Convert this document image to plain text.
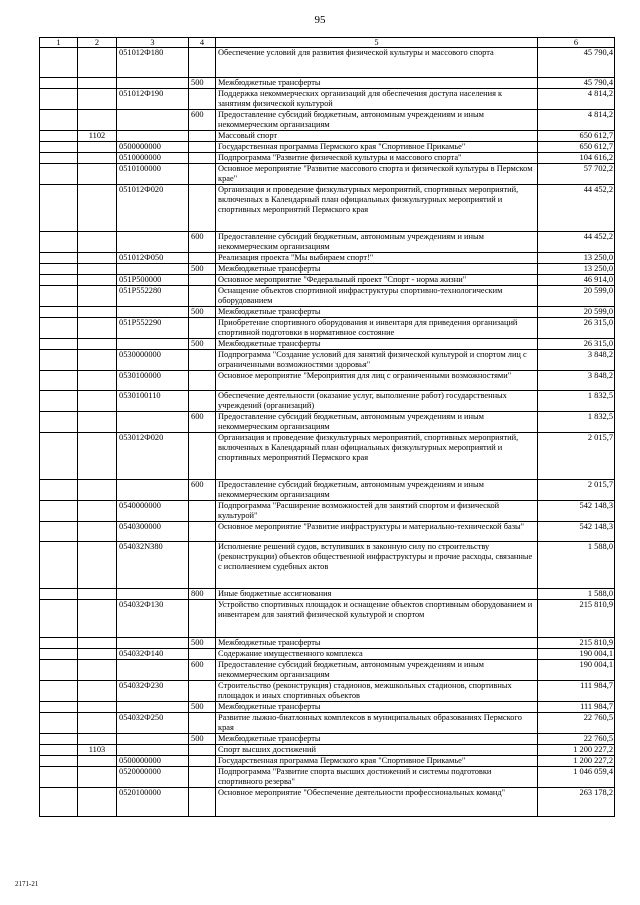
95
1	2	3	4	5	6
		051012Ф180		Обеспечение условий для развития физической культуры и массового спорта	45 790,4
			500	Межбюджетные трансферты	45 790,4
		051012Ф190		Поддержка некоммерческих организаций для обеспечения доступа населения к занятиям физической культурой	4 814,2
			600	Предоставление субсидий бюджетным, автономным учреждениям и иным некоммерческим организациям	4 814,2
	1102			Массовый спорт	650 612,7
		0500000000		Государственная программа Пермского края "Спортивное Прикамье"	650 612,7
		0510000000		Подпрограмма "Развитие физической культуры и массового спорта"	104 616,2
		0510100000		Основное мероприятие "Развитие массового спорта и физической культуры в Пермском крае"	57 702,2
		051012Ф020		Организация и проведение физкультурных мероприятий, спортивных мероприятий, включенных в Календарный план официальных физкультурных мероприятий и спортивных мероприятий Пермского края	44 452,2
			600	Предоставление субсидий бюджетным, автономным учреждениям и иным некоммерческим организациям	44 452,2
		051012Ф050		Реализация проекта "Мы выбираем спорт!"	13 250,0
			500	Межбюджетные трансферты	13 250,0
		051P500000		Основное мероприятие "Федеральный проект "Спорт - норма жизни"	46 914,0
		051P552280		Оснащение объектов спортивной инфраструктуры спортивно-технологическим оборудованием	20 599,0
			500	Межбюджетные трансферты	20 599,0
		051P552290		Приобретение спортивного оборудования и инвентаря для приведения организаций спортивной подготовки в нормативное состояние	26 315,0
			500	Межбюджетные трансферты	26 315,0
		0530000000		Подпрограмма "Создание условий для занятий физической культурой и спортом лиц с ограниченными возможностями здоровья"	3 848,2
		0530100000		Основное мероприятие "Мероприятия для лиц с ограниченными возможностями"	3 848,2
		0530100110		Обеспечение деятельности (оказание услуг, выполнение работ) государственных учреждений (организаций)	1 832,5
			600	Предоставление субсидий бюджетным, автономным учреждениям и иным некоммерческим организациям	1 832,5
		053012Ф020		Организация и проведение физкультурных мероприятий, спортивных мероприятий, включенных в Календарный план официальных физкультурных мероприятий и спортивных мероприятий Пермского края	2 015,7
			600	Предоставление субсидий бюджетным, автономным учреждениям и иным некоммерческим организациям	2 015,7
		0540000000		Подпрограмма "Расширение возможностей для занятий спортом и физической культурой"	542 148,3
		0540300000		Основное мероприятие "Развитие инфраструктуры и материально-технической базы"	542 148,3
		054032N380		Исполнение решений судов, вступивших в законную силу по строительству (реконструкции) объектов общественной инфраструктуры и прочие расходы, связанные с исполнением судебных актов	1 588,0
			800	Иные бюджетные ассигнования	1 588,0
		054032Ф130		Устройство спортивных площадок и оснащение объектов спортивным оборудованием и инвентарем для занятий физической культурой и спортом	215 810,9
			500	Межбюджетные трансферты	215 810,9
		054032Ф140		Содержание имущественного комплекса	190 004,1
			600	Предоставление субсидий бюджетным, автономным учреждениям и иным некоммерческим организациям	190 004,1
		054032Ф230		Строительство (реконструкция) стадионов, межшкольных стадионов, спортивных площадок и иных спортивных объектов	111 984,7
			500	Межбюджетные трансферты	111 984,7
		054032Ф250		Развитие лыжно-биатлонных комплексов в муниципальных образованиях Пермского края	22 760,5
			500	Межбюджетные трансферты	22 760,5
	1103			Спорт высших достижений	1 200 227,2
		0500000000		Государственная программа Пермского края "Спортивное Прикамье"	1 200 227,2
		0520000000		Подпрограмма "Развитие спорта высших достижений и системы подготовки спортивного резерва"	1 046 059,4
		0520100000		Основное мероприятие "Обеспечение деятельности профессиональных команд"	263 178,2
2171-21
